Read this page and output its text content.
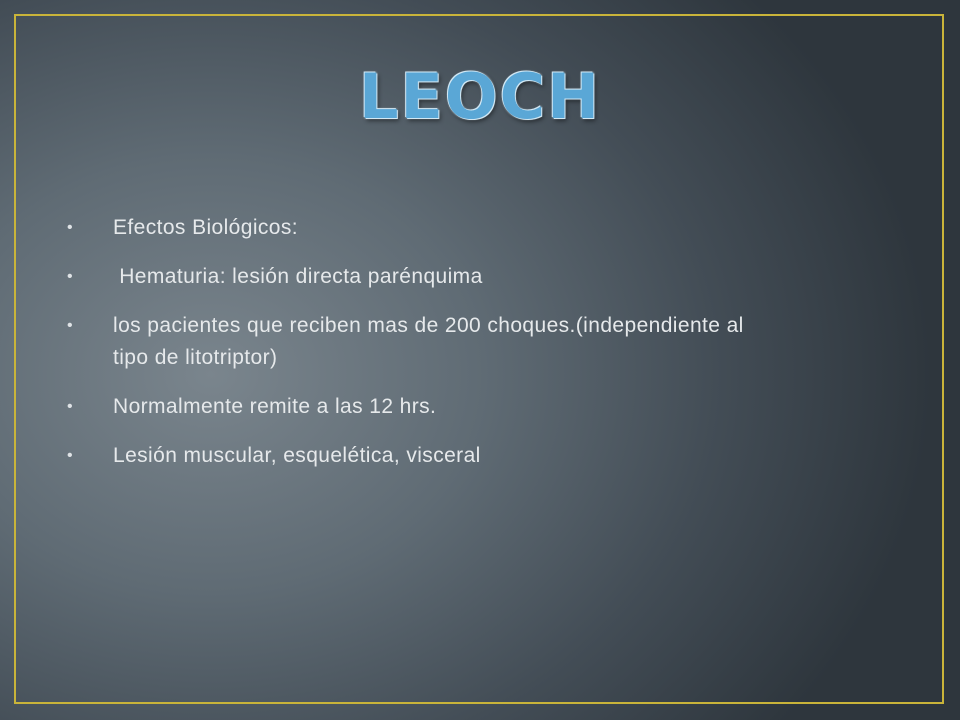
LEOCH
•	Efectos Biológicos:
•	Hematuria: lesión directa parénquima
•	los pacientes que reciben mas de 200 choques.(independiente al tipo de litotriptor)
•	Normalmente remite a las 12 hrs.
•	Lesión muscular, esquelética, visceral
